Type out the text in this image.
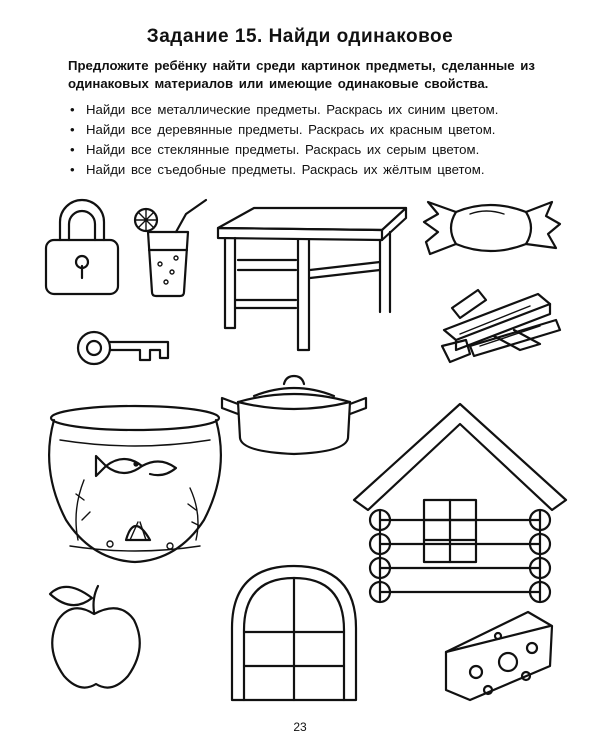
Задание 15. Найди одинаковое
Предложите ребёнку найти среди картинок предметы, сделанные из одинаковых материалов или имеющие одинаковые свойства.
• Найди все металлические предметы. Раскрась их синим цветом.
• Найди все деревянные предметы. Раскрась их красным цветом.
• Найди все стеклянные предметы. Раскрась их серым цветом.
• Найди все съедобные предметы. Раскрась их жёлтым цветом.
23
